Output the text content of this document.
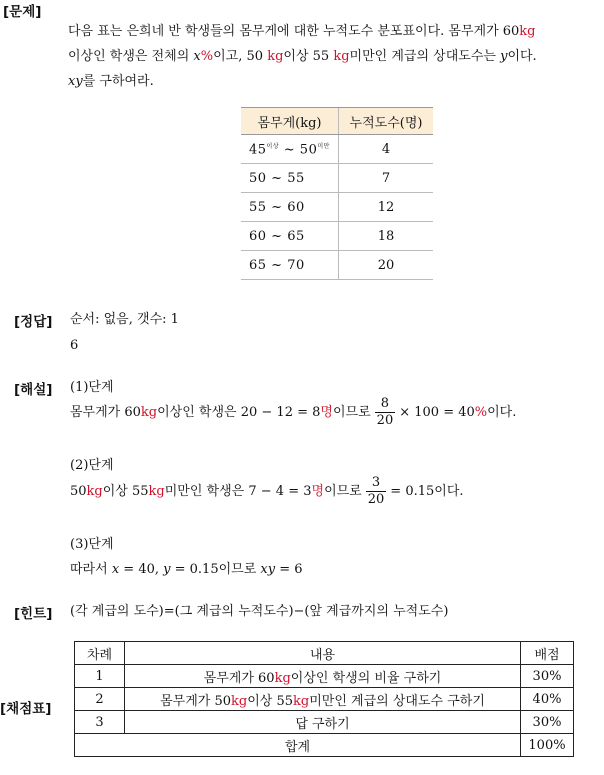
[문제]
다음 표는 은희네 반 학생들의 몸무게에 대한 누적도수 분포표이다. 몸무게가 60kg
이상인 학생은 전체의 x%이고, 50 kg이상 55 kg미만인 계급의 상대도수는 y이다.
xy를 구하여라.
몸무게(kg)	누적도수(명)
$45^{이상}$ ~ $50^{미만}$	4
50 ~ 55	7
55 ~ 60	12
60 ~ 65	18
65 ~ 70	20
[정답] 순서: 없음, 갯수: 1
6
[해설] (1)단계
몸무게가 60kg이상인 학생은 20 − 12 = 8명이므로 $\frac{8}{20} \times 100 = 40\%$이다.
(2)단계
50kg이상 55kg미만인 학생은 7 − 4 = 3명이므로 $\frac{3}{20} = 0.15$이다.
(3)단계
따라서 x = 40, y = 0.15이므로 xy = 6
[힌트] (각 계급의 도수)=(그 계급의 누적도수)−(앞 계급까지의 누적도수)
[채점표]
차례	내용	배점
1	몸무게가 60kg이상인 학생의 비율 구하기	30%
2	몸무게가 50kg이상 55kg미만인 계급의 상대도수 구하기	40%
3	답 구하기	30%
합계		100%
